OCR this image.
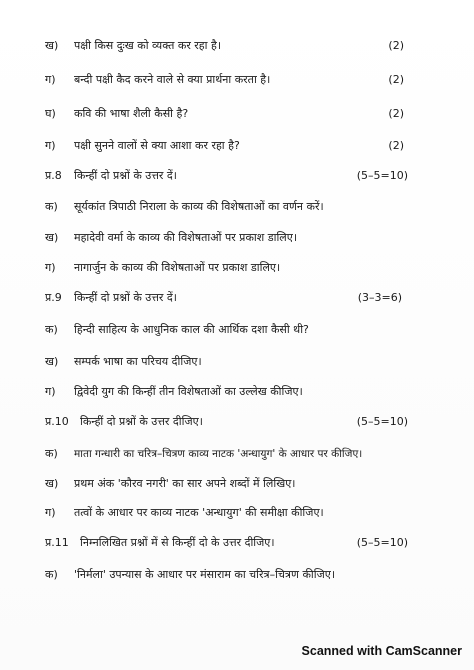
ख) पक्षी किस दुःख को व्यक्त कर रहा है।	(2)
ग) बन्दी पक्षी कैद करने वाले से क्या प्रार्थना करता है।	(2)
घ) कवि की भाषा शैली कैसी है?	(2)
ग) पक्षी सुनने वालों से क्या आशा कर रहा है?	(2)
प्र.8 किन्हीं दो प्रश्नों के उत्तर दें।	(5–5=10)
क) सूर्यकांत त्रिपाठी निराला के काव्य की विशेषताओं का वर्णन करें।
ख) महादेवी वर्मा के काव्य की विशेषताओं पर प्रकाश डालिए।
ग) नागार्जुन के काव्य की विशेषताओं पर प्रकाश डालिए।
प्र.9 किन्हीं दो प्रश्नों के उत्तर दें।	(3–3=6)
क) हिन्दी साहित्य के आधुनिक काल की आर्थिक दशा कैसी थी?
ख) सम्पर्क भाषा का परिचय दीजिए।
ग) द्विवेदी युग की किन्हीं तीन विशेषताओं का उल्लेख कीजिए।
प्र.10 किन्हीं दो प्रश्नों के उत्तर दीजिए।	(5–5=10)
क) माता गन्धारी का चरित्र–चित्रण काव्य नाटक 'अन्धायुग' के आधार पर कीजिए।
ख) प्रथम अंक 'कौरव नगरी' का सार अपने शब्दों में लिखिए।
ग) तत्वों के आधार पर काव्य नाटक 'अन्धायुग' की समीक्षा कीजिए।
प्र.11 निम्नलिखित प्रश्नों में से किन्हीं दो के उत्तर दीजिए।	(5–5=10)
क) 'निर्मला' उपन्यास के आधार पर मंसाराम का चरित्र–चित्रण कीजिए।
Scanned with CamScanner
